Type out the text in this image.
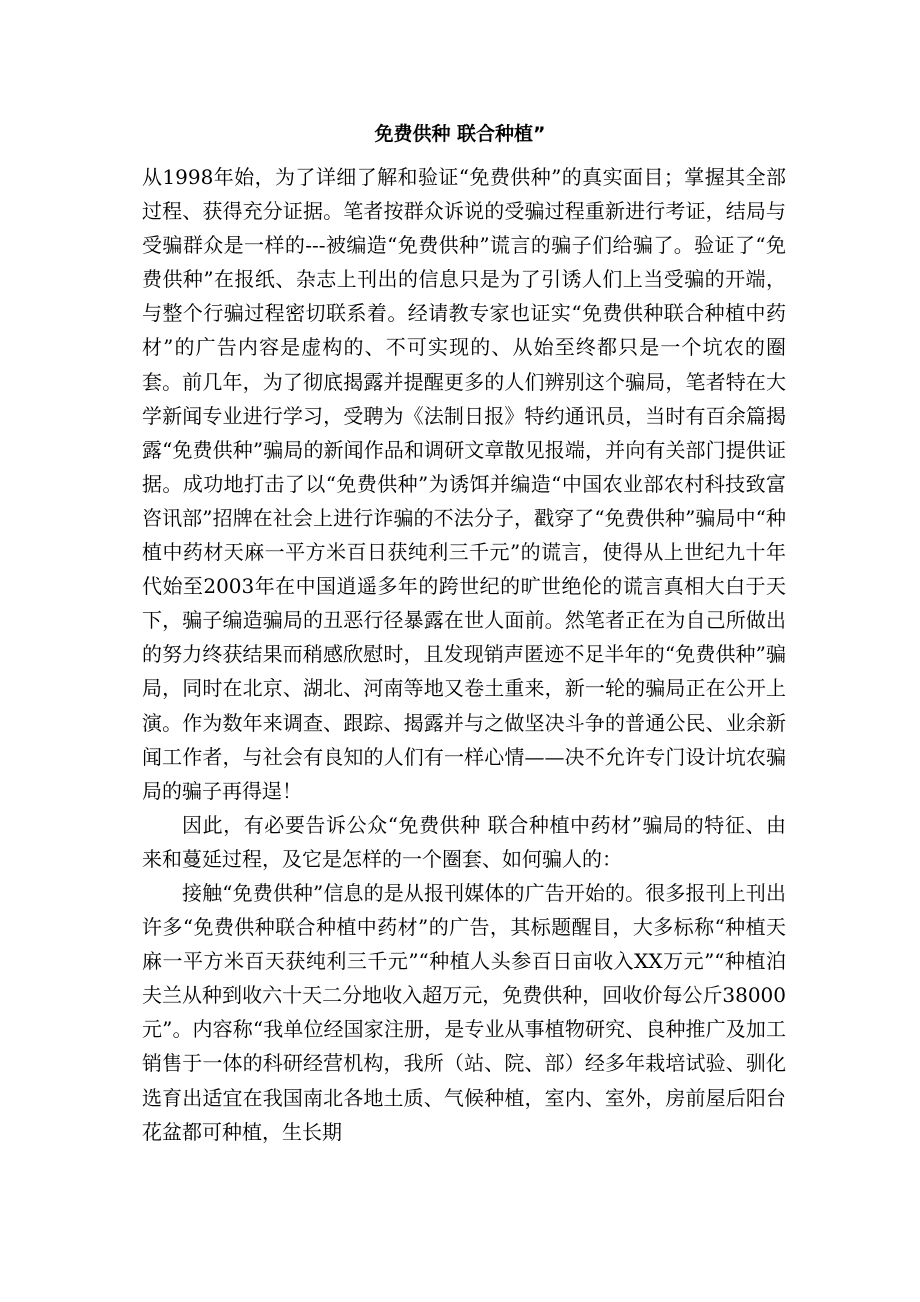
免费供种 联合种植”

从1998年始，为了详细了解和验证“免费供种”的真实面目；掌握其全部过程、获得充分证据。笔者按群众诉说的受骗过程重新进行考证，结局与受骗群众是一样的---被编造“免费供种”谎言的骗子们给骗了。验证了“免费供种”在报纸、杂志上刊出的信息只是为了引诱人们上当受骗的开端，与整个行骗过程密切联系着。经请教专家也证实“免费供种联合种植中药材”的广告内容是虚构的、不可实现的、从始至终都只是一个坑农的圈套。前几年，为了彻底揭露并提醒更多的人们辨别这个骗局，笔者特在大学新闻专业进行学习，受聘为《法制日报》特约通讯员，当时有百余篇揭露“免费供种”骗局的新闻作品和调研文章散见报端，并向有关部门提供证据。成功地打击了以“免费供种”为诱饵并编造“中国农业部农村科技致富咨讯部”招牌在社会上进行诈骗的不法分子，戳穿了“免费供种”骗局中“种植中药材天麻一平方米百日获纯利三千元”的谎言，使得从上世纪九十年代始至2003年在中国逍遥多年的跨世纪的旷世绝伦的谎言真相大白于天下，骗子编造骗局的丑恶行径暴露在世人面前。然笔者正在为自己所做出的努力终获结果而稍感欣慰时，且发现销声匿迹不足半年的“免费供种”骗局，同时在北京、湖北、河南等地又卷土重来，新一轮的骗局正在公开上演。作为数年来调查、跟踪、揭露并与之做坚决斗争的普通公民、业余新闻工作者，与社会有良知的人们有一样心情——决不允许专门设计坑农骗局的骗子再得逞！

因此，有必要告诉公众“免费供种 联合种植中药材”骗局的特征、由来和蔓延过程，及它是怎样的一个圈套、如何骗人的：

接触“免费供种”信息的是从报刊媒体的广告开始的。很多报刊上刊出许多“免费供种联合种植中药材”的广告，其标题醒目，大多标称“种植天麻一平方米百天获纯利三千元”“种植人头参百日亩收入XX万元”“种植泊夫兰从种到收六十天二分地收入超万元，免费供种，回收价每公斤38000元”。内容称“我单位经国家注册，是专业从事植物研究、良种推广及加工销售于一体的科研经营机构，我所（站、院、部）经多年栽培试验、驯化选育出适宜在我国南北各地土质、气候种植，室内、室外，房前屋后阳台花盆都可种植，生长期
